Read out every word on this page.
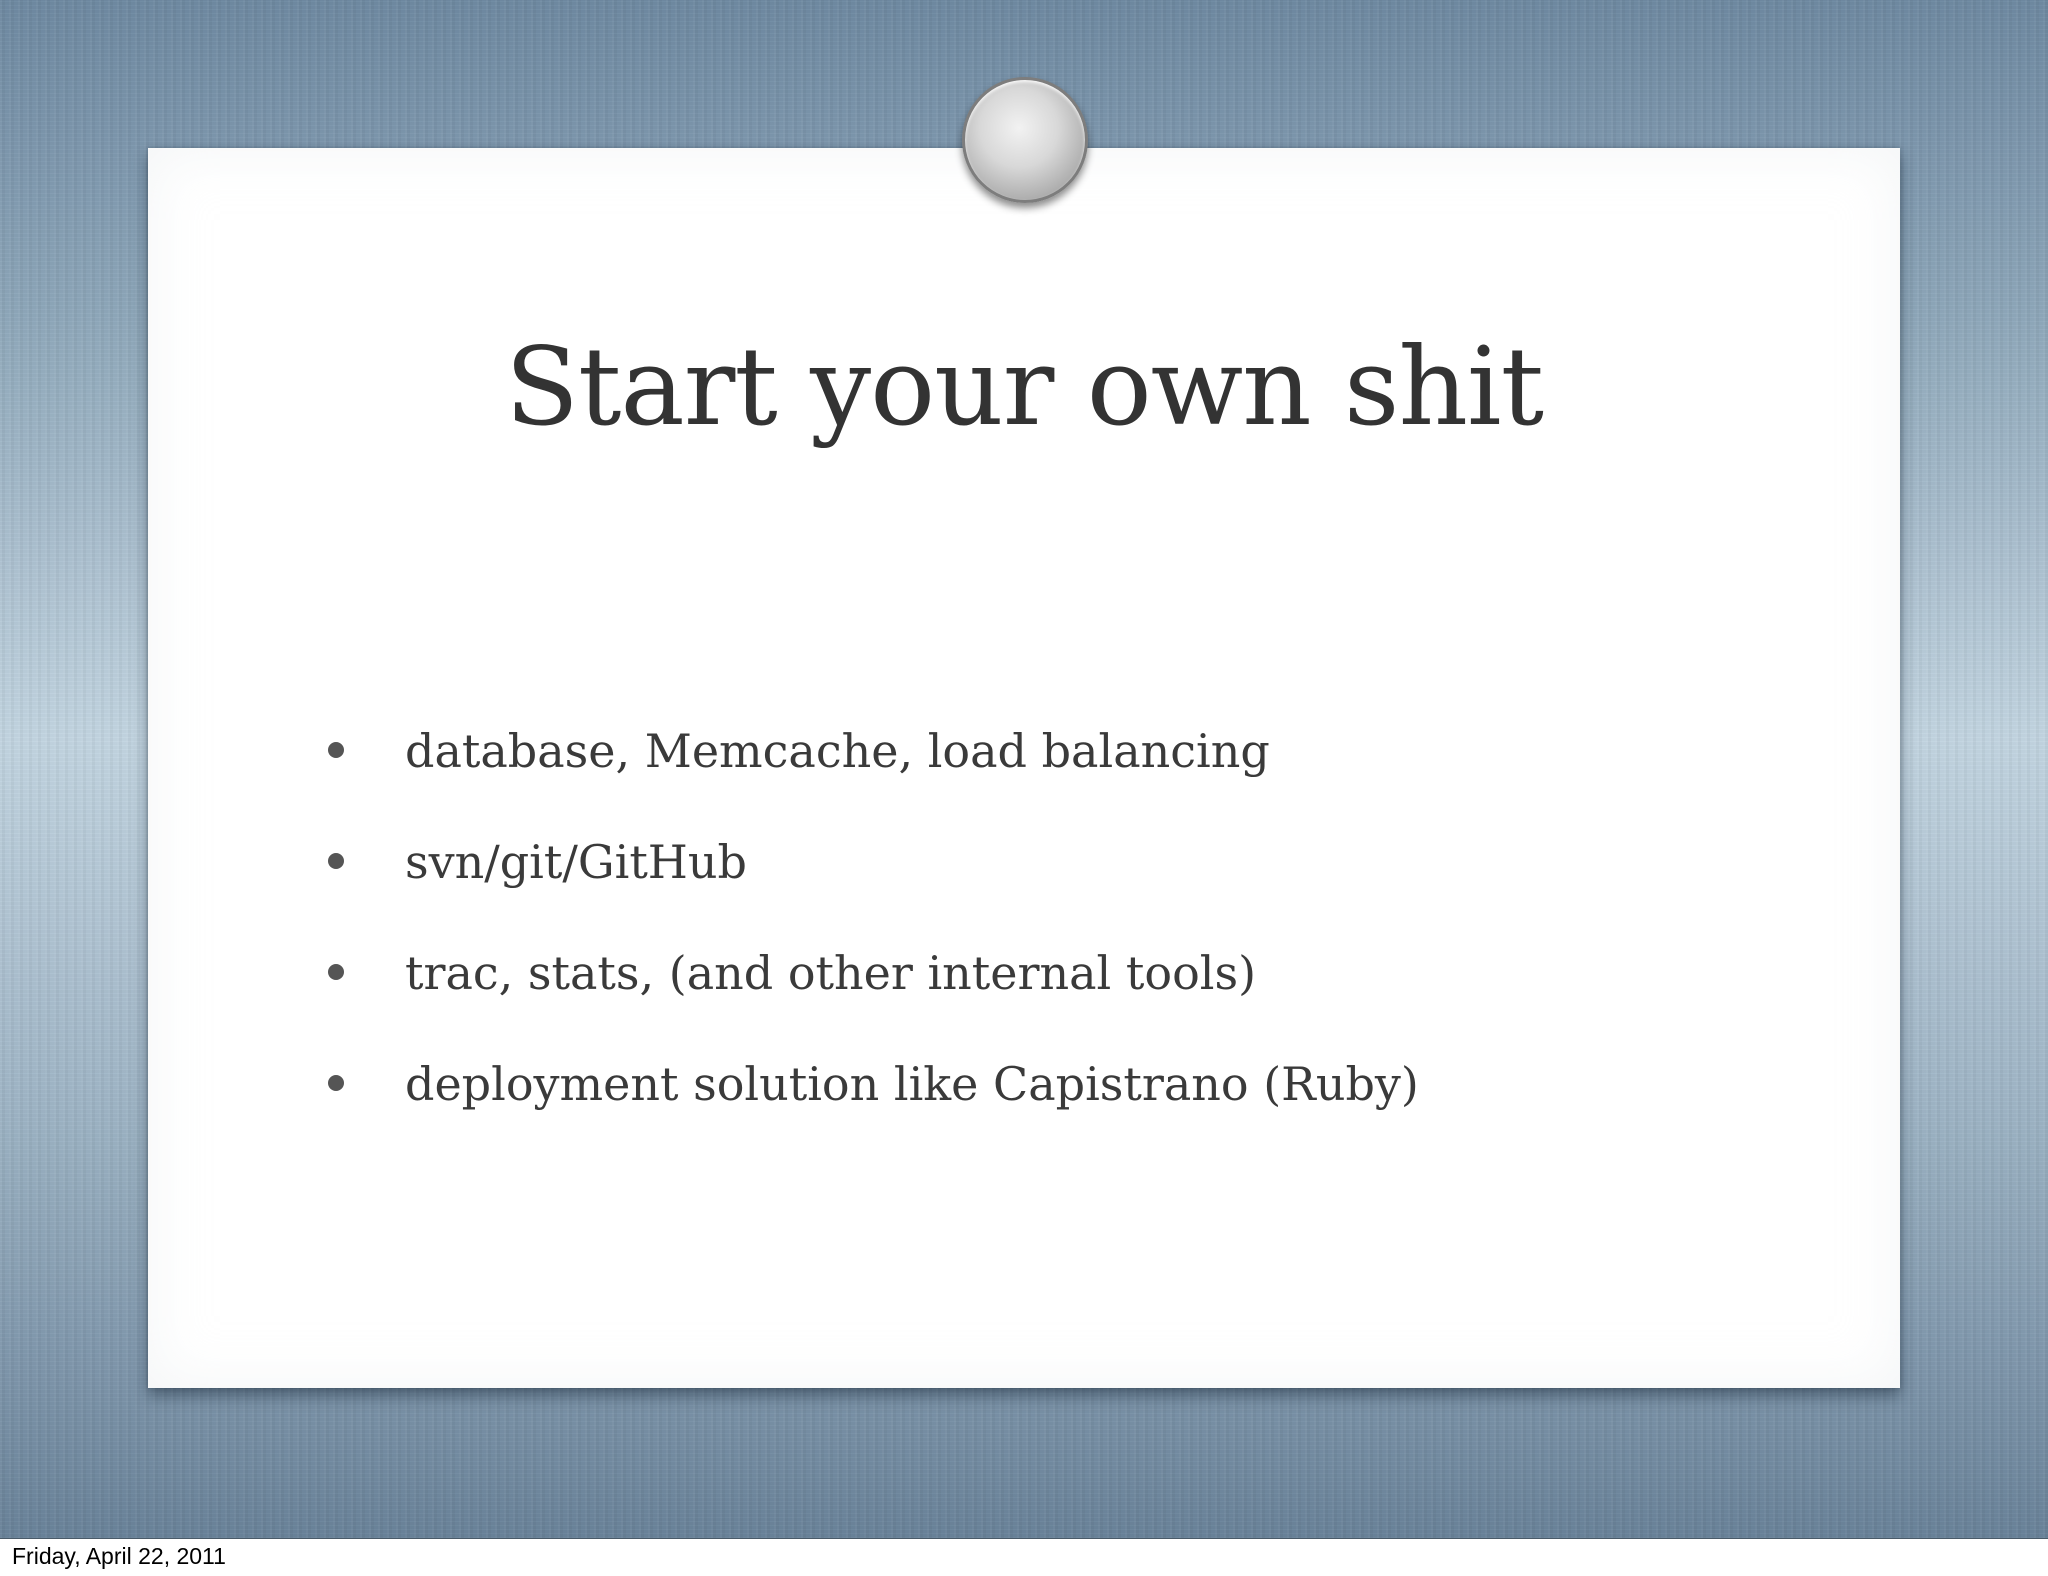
Start your own shit
database, Memcache, load balancing
svn/git/GitHub
trac, stats, (and other internal tools)
deployment solution like Capistrano (Ruby)

Friday, April 22, 2011
